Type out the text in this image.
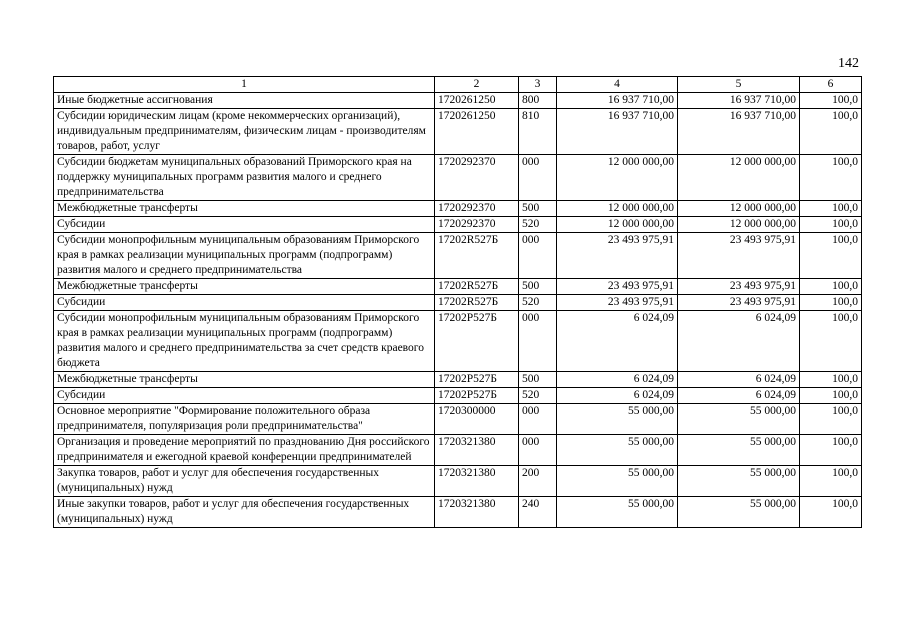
142
1	2	3	4	5	6
Иные бюджетные ассигнования	1720261250	800	16 937 710,00	16 937 710,00	100,0
Субсидии юридическим лицам (кроме некоммерческих организаций), индивидуальным предпринимателям, физическим лицам - производителям товаров, работ, услуг	1720261250	810	16 937 710,00	16 937 710,00	100,0
Субсидии бюджетам муниципальных образований Приморского края на поддержку муниципальных программ развития малого и среднего предпринимательства	1720292370	000	12 000 000,00	12 000 000,00	100,0
Межбюджетные трансферты	1720292370	500	12 000 000,00	12 000 000,00	100,0
Субсидии	1720292370	520	12 000 000,00	12 000 000,00	100,0
Субсидии монопрофильным муниципальным образованиям Приморского края в рамках реализации муниципальных программ (подпрограмм) развития малого и среднего предпринимательства	17202R527Б	000	23 493 975,91	23 493 975,91	100,0
Межбюджетные трансферты	17202R527Б	500	23 493 975,91	23 493 975,91	100,0
Субсидии	17202R527Б	520	23 493 975,91	23 493 975,91	100,0
Субсидии монопрофильным муниципальным образованиям Приморского края в рамках реализации муниципальных программ (подпрограмм) развития малого и среднего предпринимательства за счет средств краевого бюджета	17202P527Б	000	6 024,09	6 024,09	100,0
Межбюджетные трансферты	17202P527Б	500	6 024,09	6 024,09	100,0
Субсидии	17202P527Б	520	6 024,09	6 024,09	100,0
Основное мероприятие "Формирование положительного образа предпринимателя, популяризация роли предпринимательства"	1720300000	000	55 000,00	55 000,00	100,0
Организация и проведение мероприятий по празднованию Дня российского предпринимателя и ежегодной краевой конференции предпринимателей	1720321380	000	55 000,00	55 000,00	100,0
Закупка товаров, работ и услуг для обеспечения государственных (муниципальных) нужд	1720321380	200	55 000,00	55 000,00	100,0
Иные закупки товаров, работ и услуг для обеспечения государственных (муниципальных) нужд	1720321380	240	55 000,00	55 000,00	100,0
